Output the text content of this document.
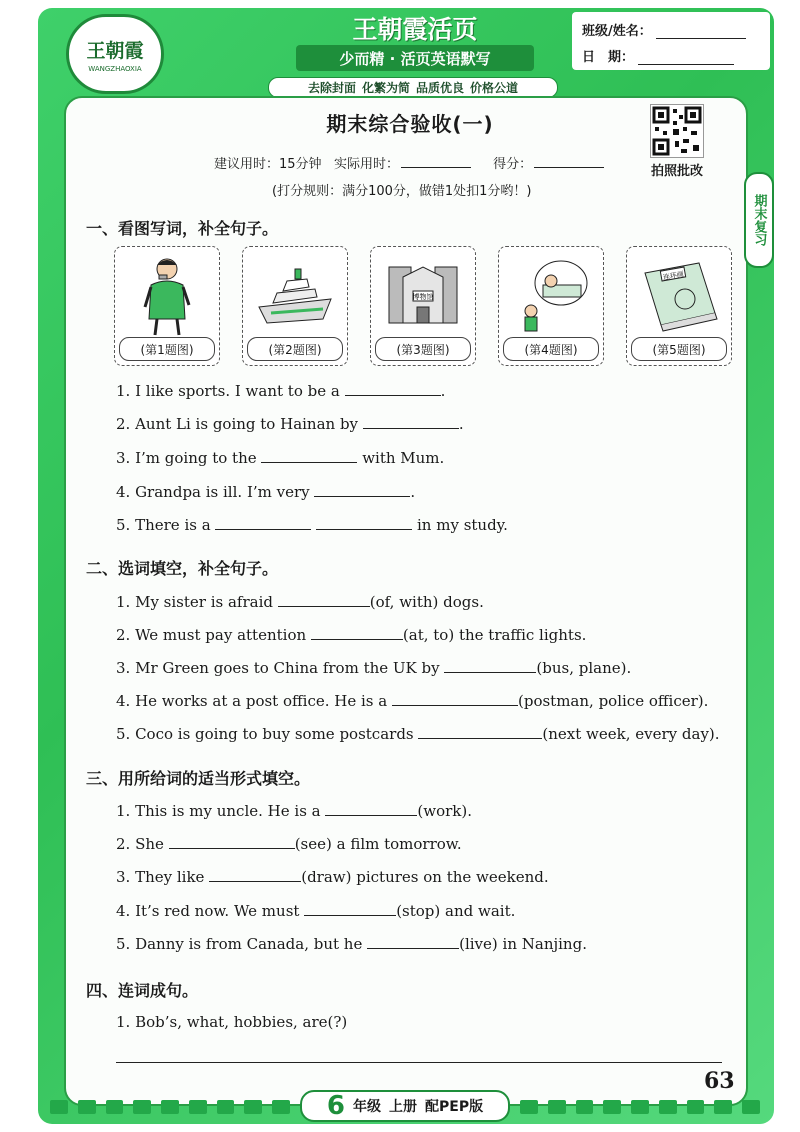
王朝霞
WANGZHAOXIA
王朝霞活页
少而精 · 活页英语默写
去除封面 化繁为简 品质优良 价格公道
班级/姓名：
日　期：
期末综合验收(一)
建议用时：15分钟 实际用时：	得分：
(打分规则：满分100分，做错1处扣1分哟！)
拍照批改
期末复习
一、看图写词，补全句子。
(第1题图)	(第2题图)
博物馆
(第3题图)	(第4题图)
连环画
(第5题图)
1. I like sports. I want to be a	.
2. Aunt Li is going to Hainan by	.
3. I’m going to the	with Mum.
4. Grandpa is ill. I’m very	.
5. There is a	in my study.
二、选词填空，补全句子。
1. My sister is afraid	(of, with) dogs.
2. We must pay attention	(at, to) the traffic lights.
3. Mr Green goes to China from the UK by	(bus, plane).
4. He works at a post office. He is a	(postman, police officer).
5. Coco is going to buy some postcards	(next week, every day).
三、用所给词的适当形式填空。
1. This is my uncle. He is a	(work).
2. She	(see) a film tomorrow.
3. They like	(draw) pictures on the weekend.
4. It’s red now. We must	(stop) and wait.
5. Danny is from Canada, but he	(live) in Nanjing.
四、连词成句。
1. Bob’s, what, hobbies, are(?)
63
6 年级 上册 配PEP版
